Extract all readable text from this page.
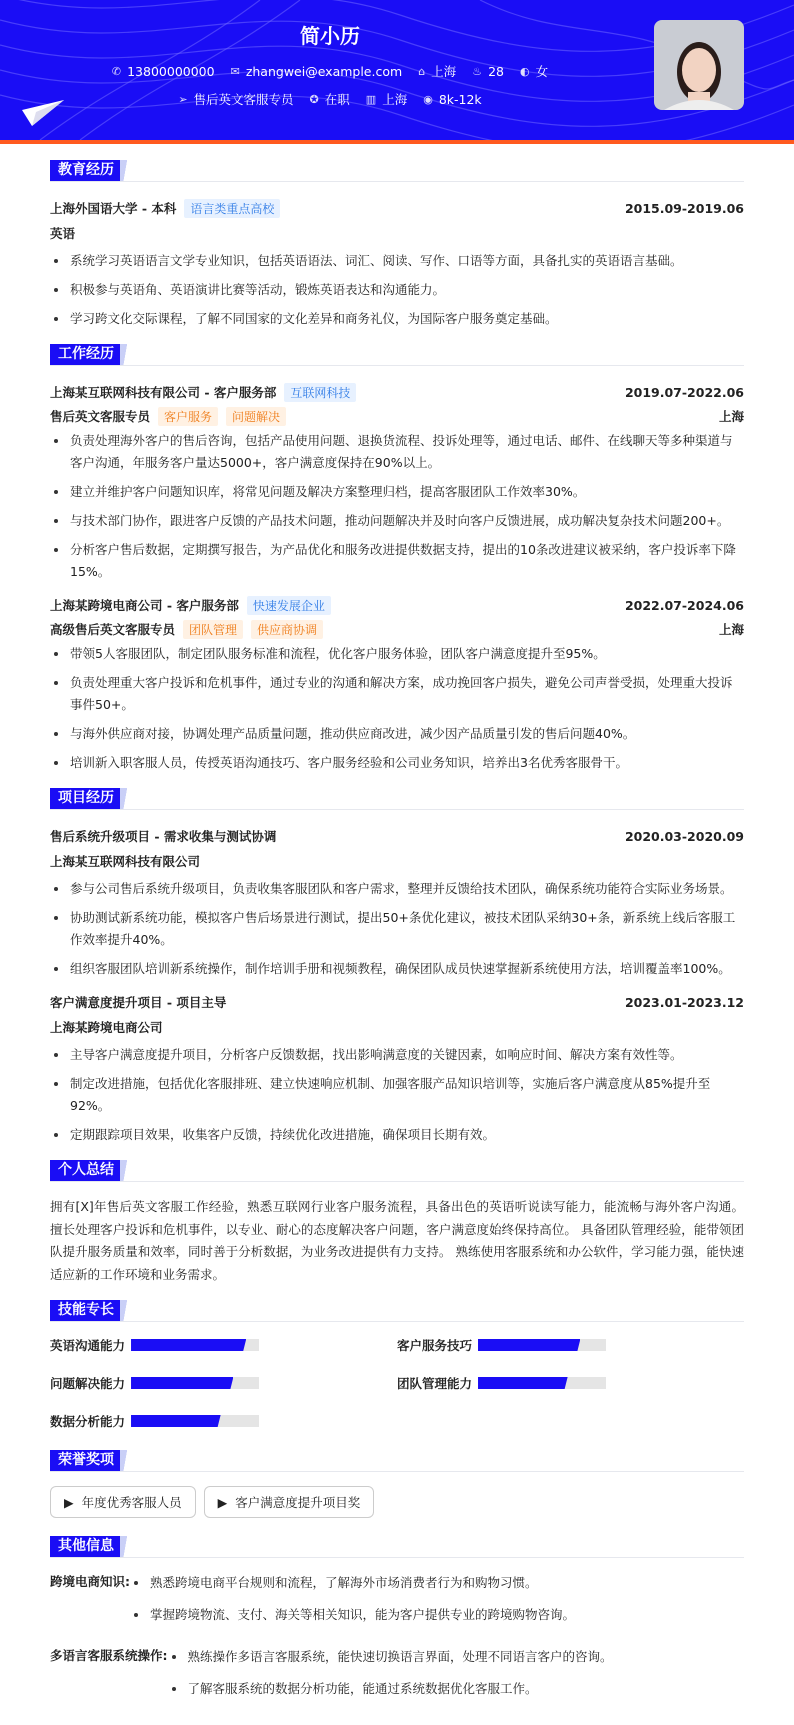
简小历
✆ 13800000000 ✉ zhangwei@example.com ⌂ 上海 ♨ 28 ◐ 女
➢ 售后英文客服专员 ✪ 在职 ▥ 上海 ◉ 8k-12k
教育经历
上海外国语大学 - 本科	语言类重点高校	2015.09-2019.06
英语
系统学习英语语言文学专业知识，包括英语语法、词汇、阅读、写作、口语等方面，具备扎实的英语语言基础。
积极参与英语角、英语演讲比赛等活动，锻炼英语表达和沟通能力。
学习跨文化交际课程，了解不同国家的文化差异和商务礼仪，为国际客户服务奠定基础。
工作经历
上海某互联网科技有限公司 - 客户服务部	互联网科技	2019.07-2022.06
售后英文客服专员	客户服务	问题解决	上海
负责处理海外客户的售后咨询，包括产品使用问题、退换货流程、投诉处理等，通过电话、邮件、在线聊天等多种渠道与客户沟通，年服务客户量达5000+，客户满意度保持在90%以上。
建立并维护客户问题知识库，将常见问题及解决方案整理归档，提高客服团队工作效率30%。
与技术部门协作，跟进客户反馈的产品技术问题，推动问题解决并及时向客户反馈进展，成功解决复杂技术问题200+。
分析客户售后数据，定期撰写报告，为产品优化和服务改进提供数据支持，提出的10条改进建议被采纳，客户投诉率下降15%。
上海某跨境电商公司 - 客户服务部	快速发展企业	2022.07-2024.06
高级售后英文客服专员	团队管理	供应商协调	上海
带领5人客服团队，制定团队服务标准和流程，优化客户服务体验，团队客户满意度提升至95%。
负责处理重大客户投诉和危机事件，通过专业的沟通和解决方案，成功挽回客户损失，避免公司声誉受损，处理重大投诉事件50+。
与海外供应商对接，协调处理产品质量问题，推动供应商改进，减少因产品质量引发的售后问题40%。
培训新入职客服人员，传授英语沟通技巧、客户服务经验和公司业务知识，培养出3名优秀客服骨干。
项目经历
售后系统升级项目 - 需求收集与测试协调	2020.03-2020.09
上海某互联网科技有限公司
参与公司售后系统升级项目，负责收集客服团队和客户需求，整理并反馈给技术团队，确保系统功能符合实际业务场景。
协助测试新系统功能，模拟客户售后场景进行测试，提出50+条优化建议，被技术团队采纳30+条，新系统上线后客服工作效率提升40%。
组织客服团队培训新系统操作，制作培训手册和视频教程，确保团队成员快速掌握新系统使用方法，培训覆盖率100%。
客户满意度提升项目 - 项目主导	2023.01-2023.12
上海某跨境电商公司
主导客户满意度提升项目，分析客户反馈数据，找出影响满意度的关键因素，如响应时间、解决方案有效性等。
制定改进措施，包括优化客服排班、建立快速响应机制、加强客服产品知识培训等，实施后客户满意度从85%提升至92%。
定期跟踪项目效果，收集客户反馈，持续优化改进措施，确保项目长期有效。
个人总结

拥有[X]年售后英文客服工作经验，熟悉互联网行业客户服务流程，具备出色的英语听说读写能力，能流畅与海外客户沟通。 擅长处理客户投诉和危机事件，以专业、耐心的态度解决客户问题，客户满意度始终保持高位。 具备团队管理经验，能带领团队提升服务质量和效率，同时善于分析数据，为业务改进提供有力支持。 熟练使用客服系统和办公软件，学习能力强，能快速适应新的工作环境和业务需求。

技能专长
英语沟通能力	客户服务技巧
问题解决能力	团队管理能力
数据分析能力
荣誉奖项
▶ 年度优秀客服人员	▶ 客户满意度提升项目奖
其他信息
跨境电商知识:	熟悉跨境电商平台规则和流程，了解海外市场消费者行为和购物习惯。
掌握跨境物流、支付、海关等相关知识，能为客户提供专业的跨境购物咨询。
多语言客服系统操作:	熟练操作多语言客服系统，能快速切换语言界面，处理不同语言客户的咨询。
了解客服系统的数据分析功能，能通过系统数据优化客服工作。
